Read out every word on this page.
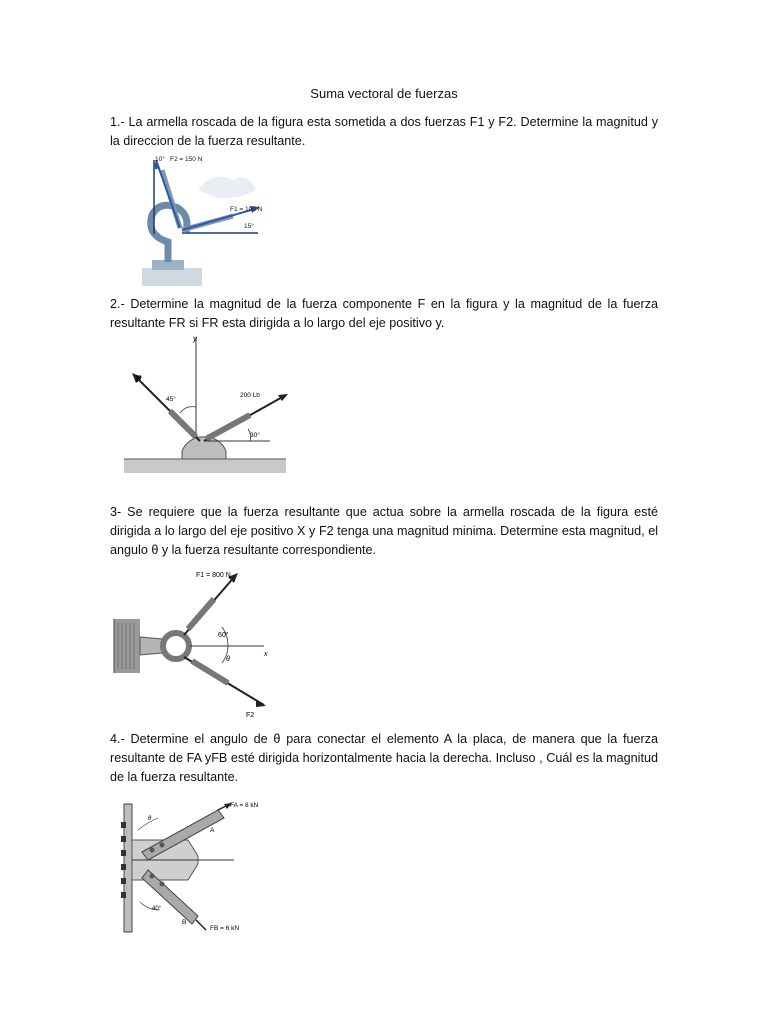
Suma vectoral de fuerzas

1.- La armella roscada de la figura esta sometida a dos fuerzas F1 y F2. Determine la magnitud y la direccion de la fuerza resultante.

10° F2 = 150 N
F1 = 100 N
15°

2.- Determine la magnitud de la fuerza componente F en la figura y la magnitud de la fuerza resultante FR si FR esta dirigida a lo largo del eje positivo y.

y
F
200 Lb
45°
30°

3- Se requiere que la fuerza resultante que actua sobre la armella roscada de la figura esté dirigida a lo largo del eje positivo X y F2 tenga una magnitud minima. Determine esta magnitud, el angulo θ y la fuerza resultante correspondiente.

x
F1 = 800 N
F2
60°
θ

4.- Determine el angulo de θ para conectar el elemento A la placa, de manera que la fuerza resultante de FA yFB esté dirigida horizontalmente hacia la derecha. Incluso , Cuál es la magnitud de la fuerza resultante.

FA = 8 kN
A
B
FB = 6 kN
θ
40°
